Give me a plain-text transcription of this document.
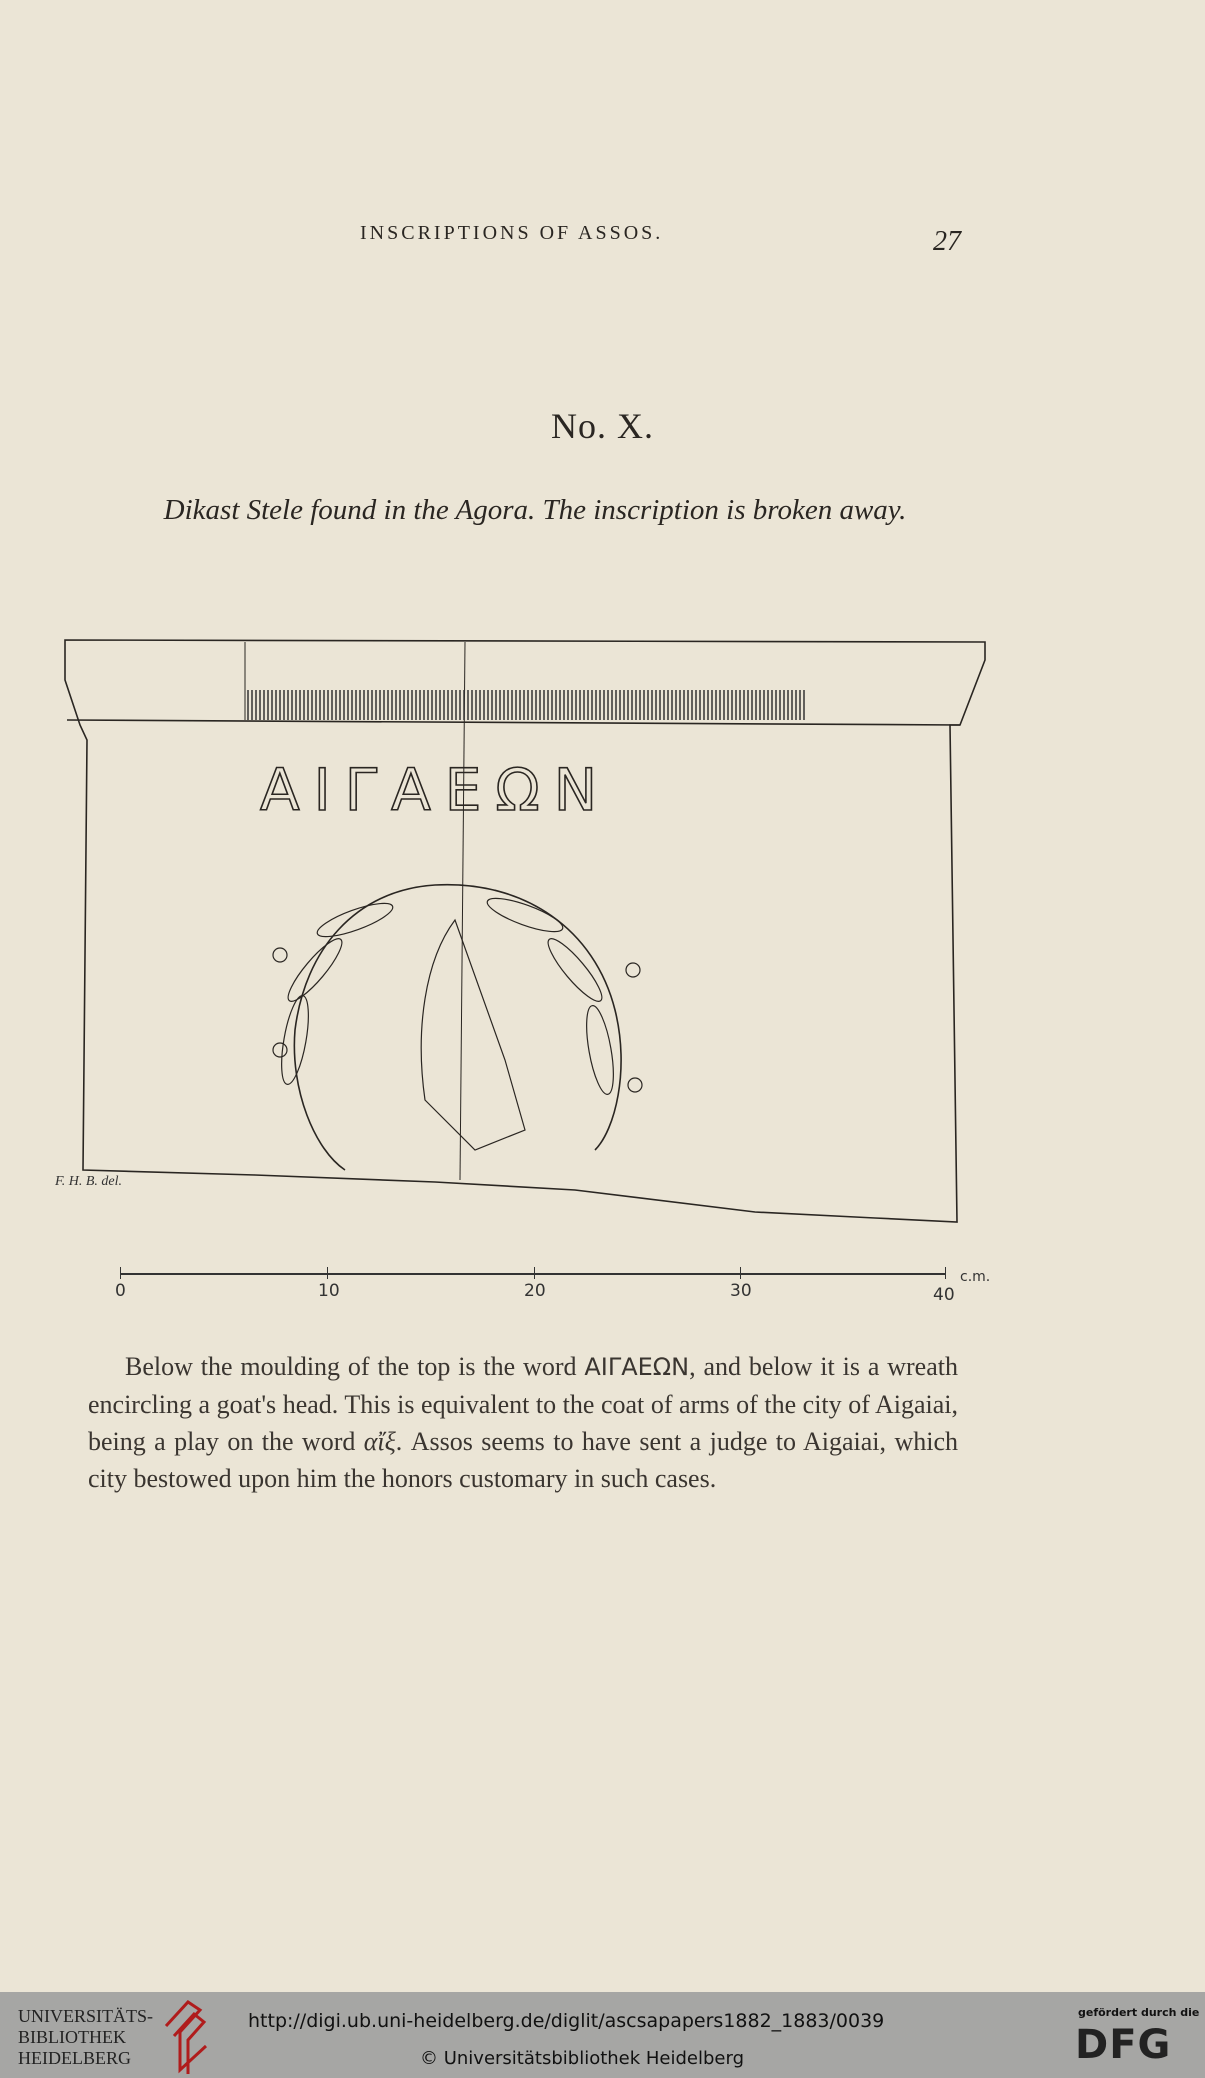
INSCRIPTIONS OF ASSOS.	27
No. X.
Dikast Stele found in the Agora. The inscription is broken away.
ΑΙΓΑΕΩΝ
F. H. B. del.
0	10	20	30	40
c.m.

Below the moulding of the top is the word ΑΙΓΑΕΩΝ, and below it is a wreath encircling a goat's head. This is equivalent to the coat of arms of the city of Aigaiai, being a play on the word αἴξ. Assos seems to have sent a judge to Aigaiai, which city bestowed upon him the honors customary in such cases.

UNIVERSITÄTS-
BIBLIOTHEK
HEIDELBERG
http://digi.ub.uni-heidelberg.de/diglit/ascsapapers1882_1883/0039
© Universitätsbibliothek Heidelberg
gefördert durch die
DFG
